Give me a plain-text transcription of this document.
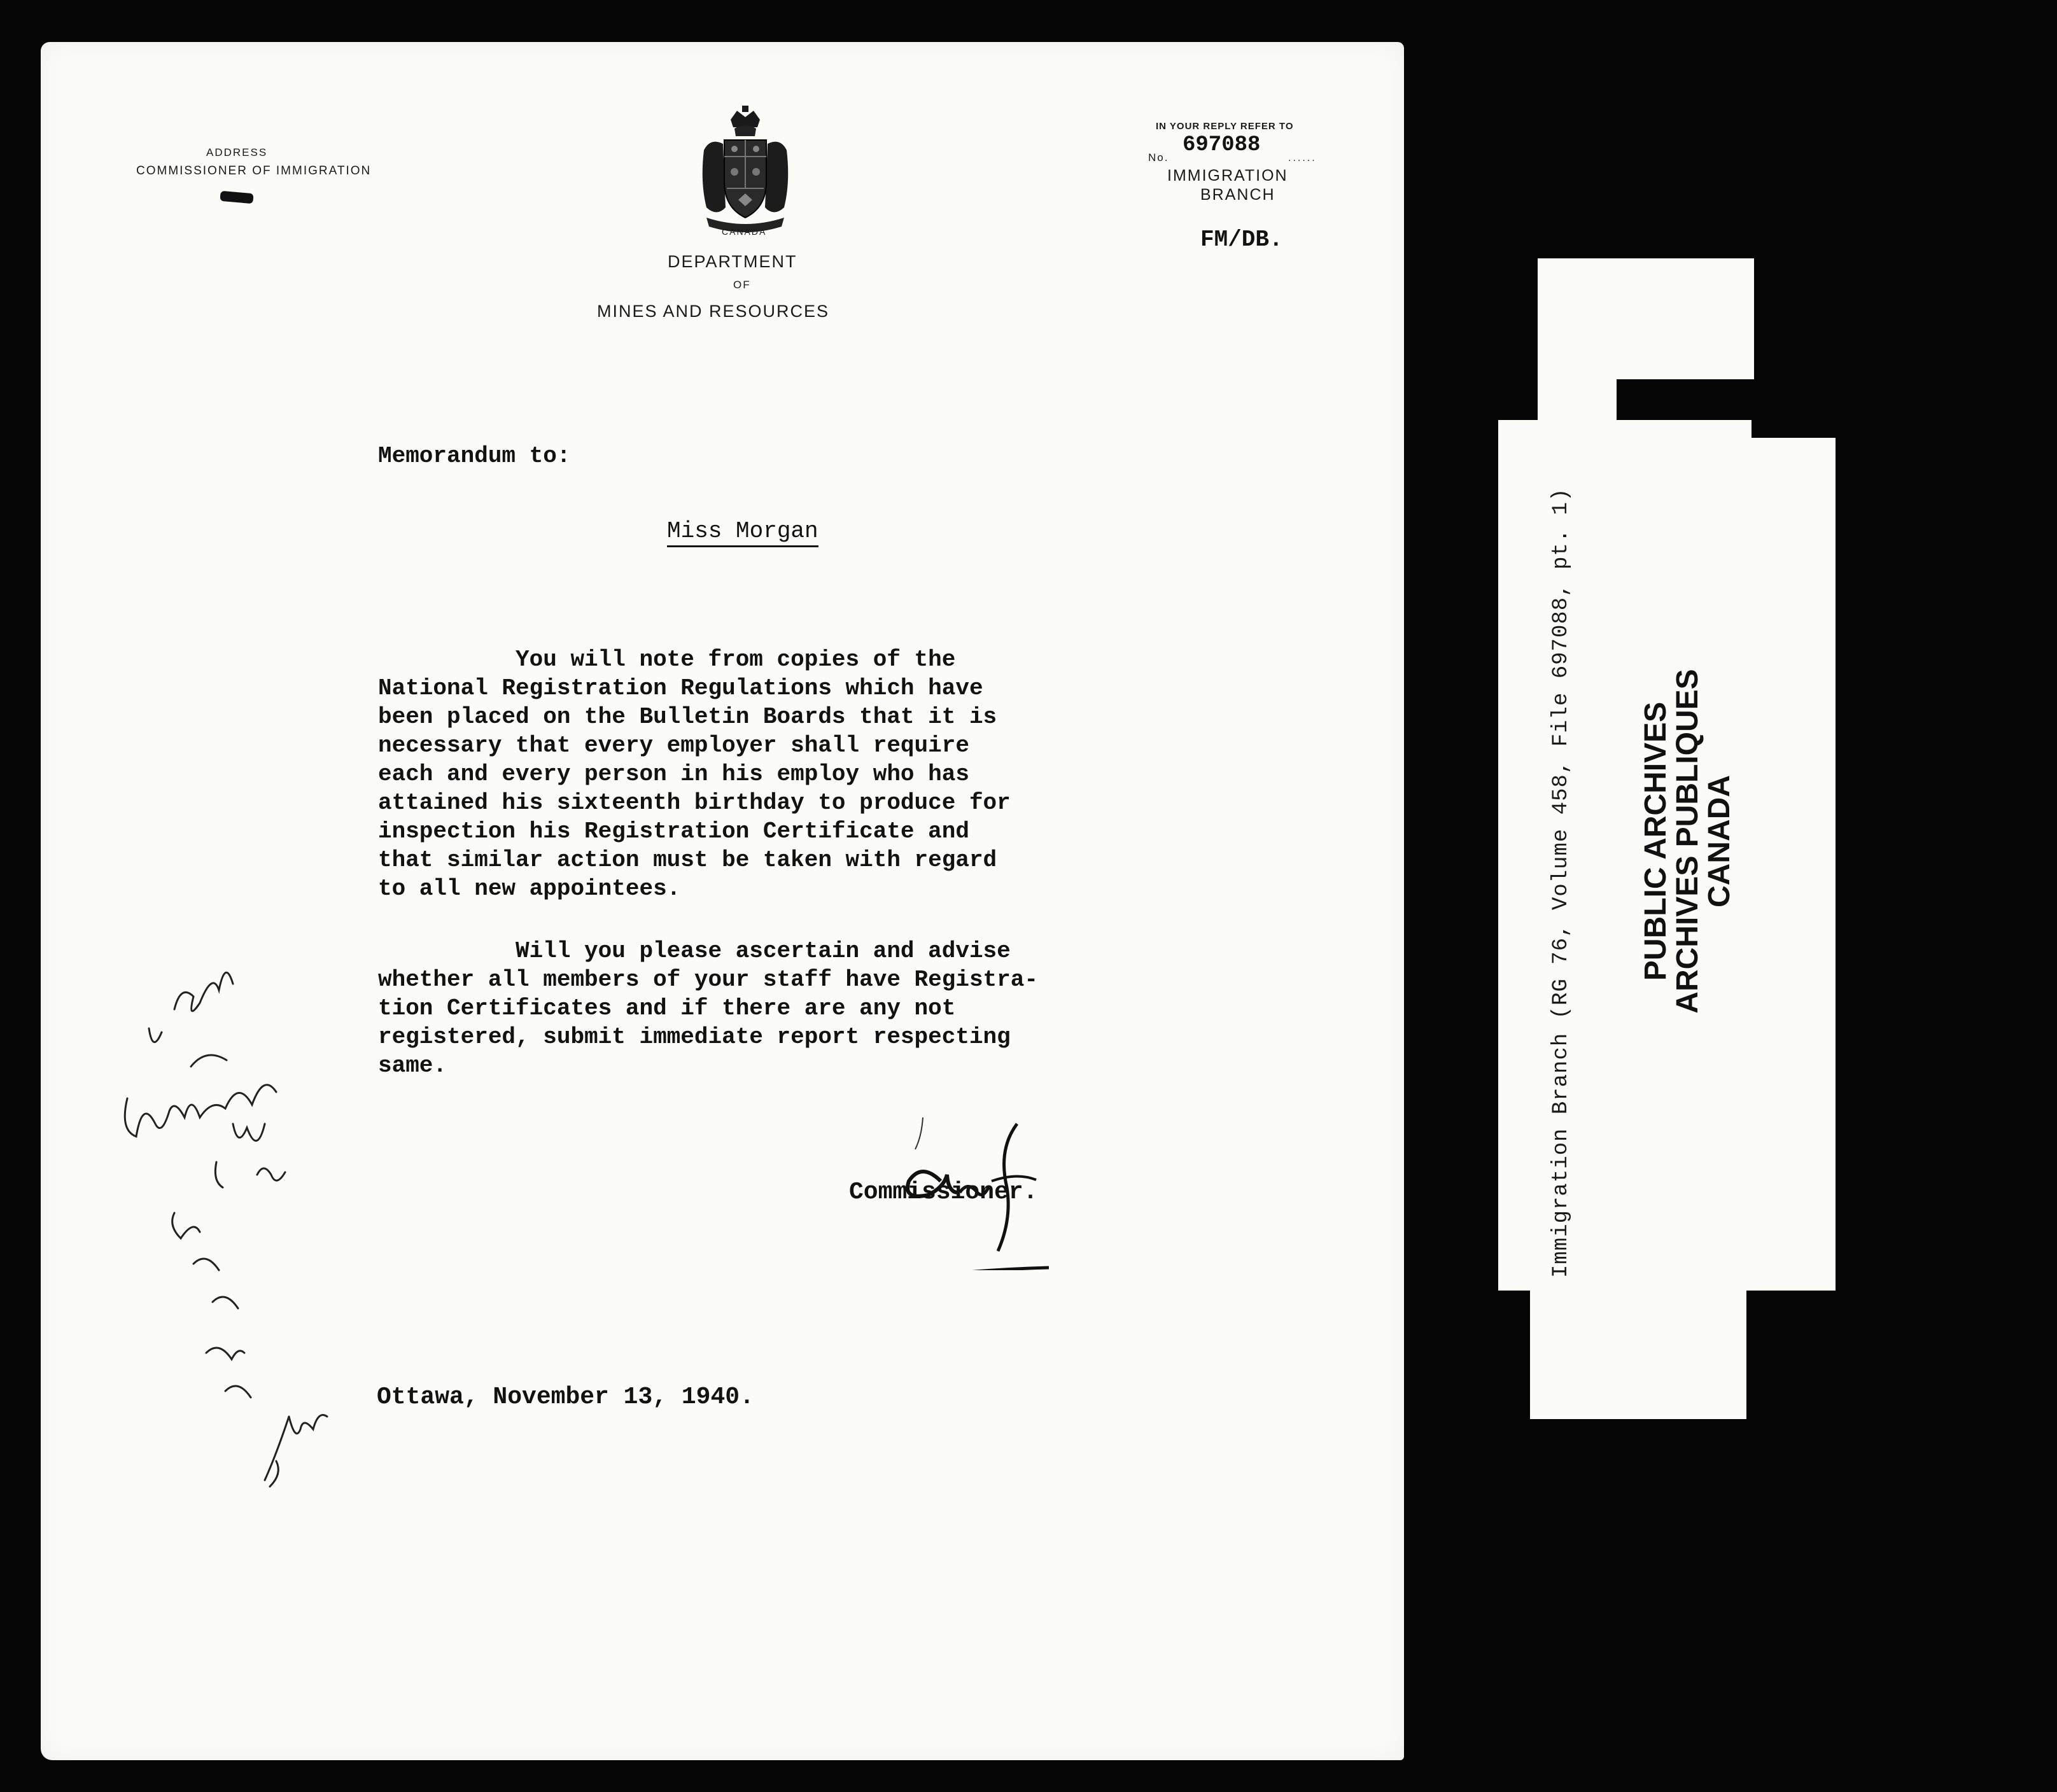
ADDRESS
COMMISSIONER OF IMMIGRATION
CANADA
DEPARTMENT
OF
MINES AND RESOURCES
IN YOUR REPLY REFER TO
No.
697088
......
IMMIGRATION
BRANCH
FM/DB.
Memorandum to:
Miss Morgan
You will note from copies of the
National Registration Regulations which have
been placed on the Bulletin Boards that it is
necessary that every employer shall require
each and every person in his employ who has
attained his sixteenth birthday to produce for
inspection his Registration Certificate and
that similar action must be taken with regard
to all new appointees.
Will you please ascertain and advise
whether all members of your staff have Registra-
tion Certificates and if there are any not
registered, submit immediate report respecting
same.
Commissioner.
Ottawa, November 13, 1940.
Immigration Branch (RG 76, Volume 458, File 697088, pt. 1) PUBLIC ARCHIVES
ARCHIVES PUBLIQUES
CANADA
